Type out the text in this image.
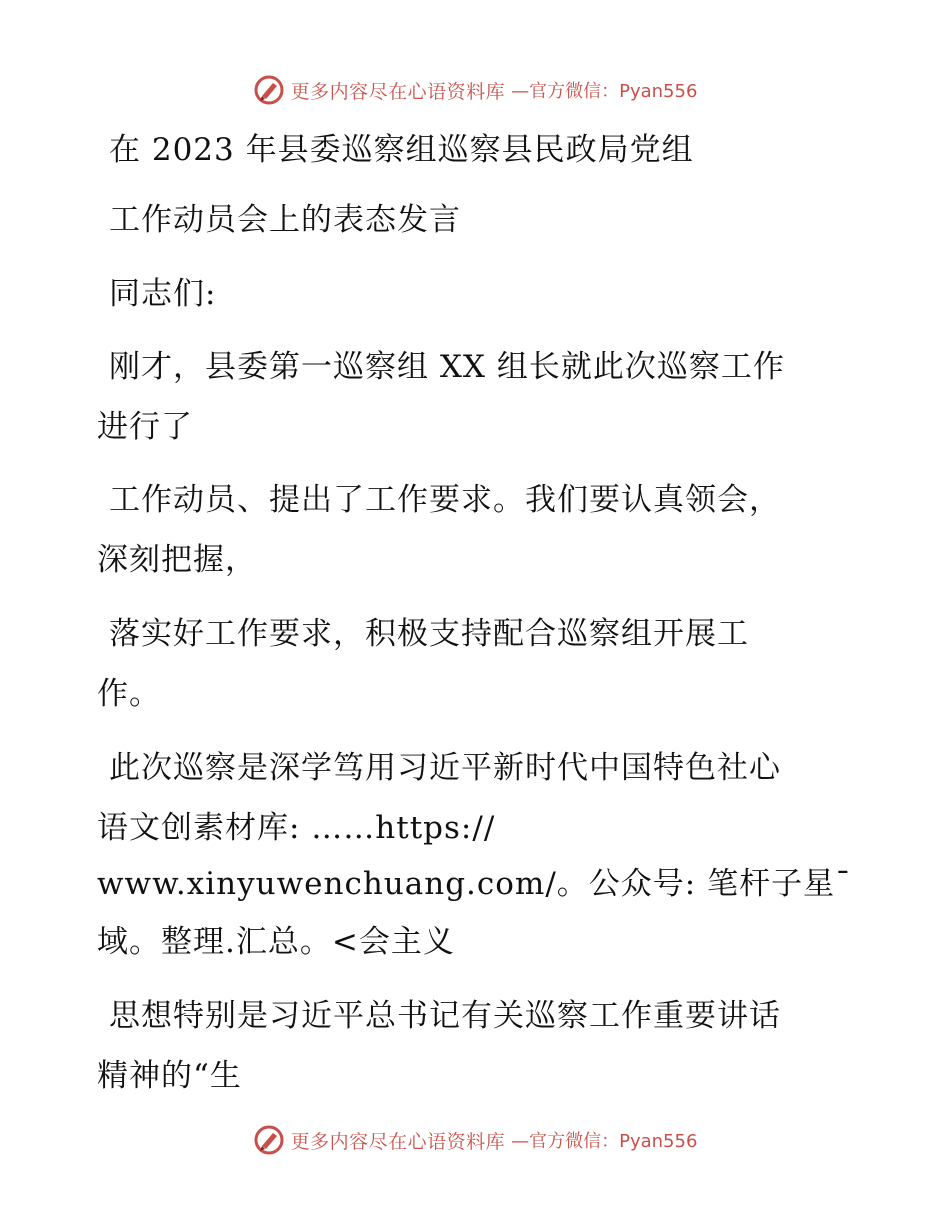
更多内容尽在心语资料库 —官方微信：Pyan556
在 2023 年县委巡察组巡察县民政局党组
工作动员会上的表态发言
同志们:
刚才，县委第一巡察组 XX 组长就此次巡察工作
进行了
工作动员、提出了工作要求。我们要认真领会，
深刻把握，
落实好工作要求，积极支持配合巡察组开展工
作。
此次巡察是深学笃用习近平新时代中国特色社心
语文创素材库: ……https://
www.xinyuwenchuang.com/。公众号: 笔杆子星¯
域。整理.汇总。<会主义
思想特别是习近平总书记有关巡察工作重要讲话
精神的“生
更多内容尽在心语资料库 —官方微信：Pyan556
